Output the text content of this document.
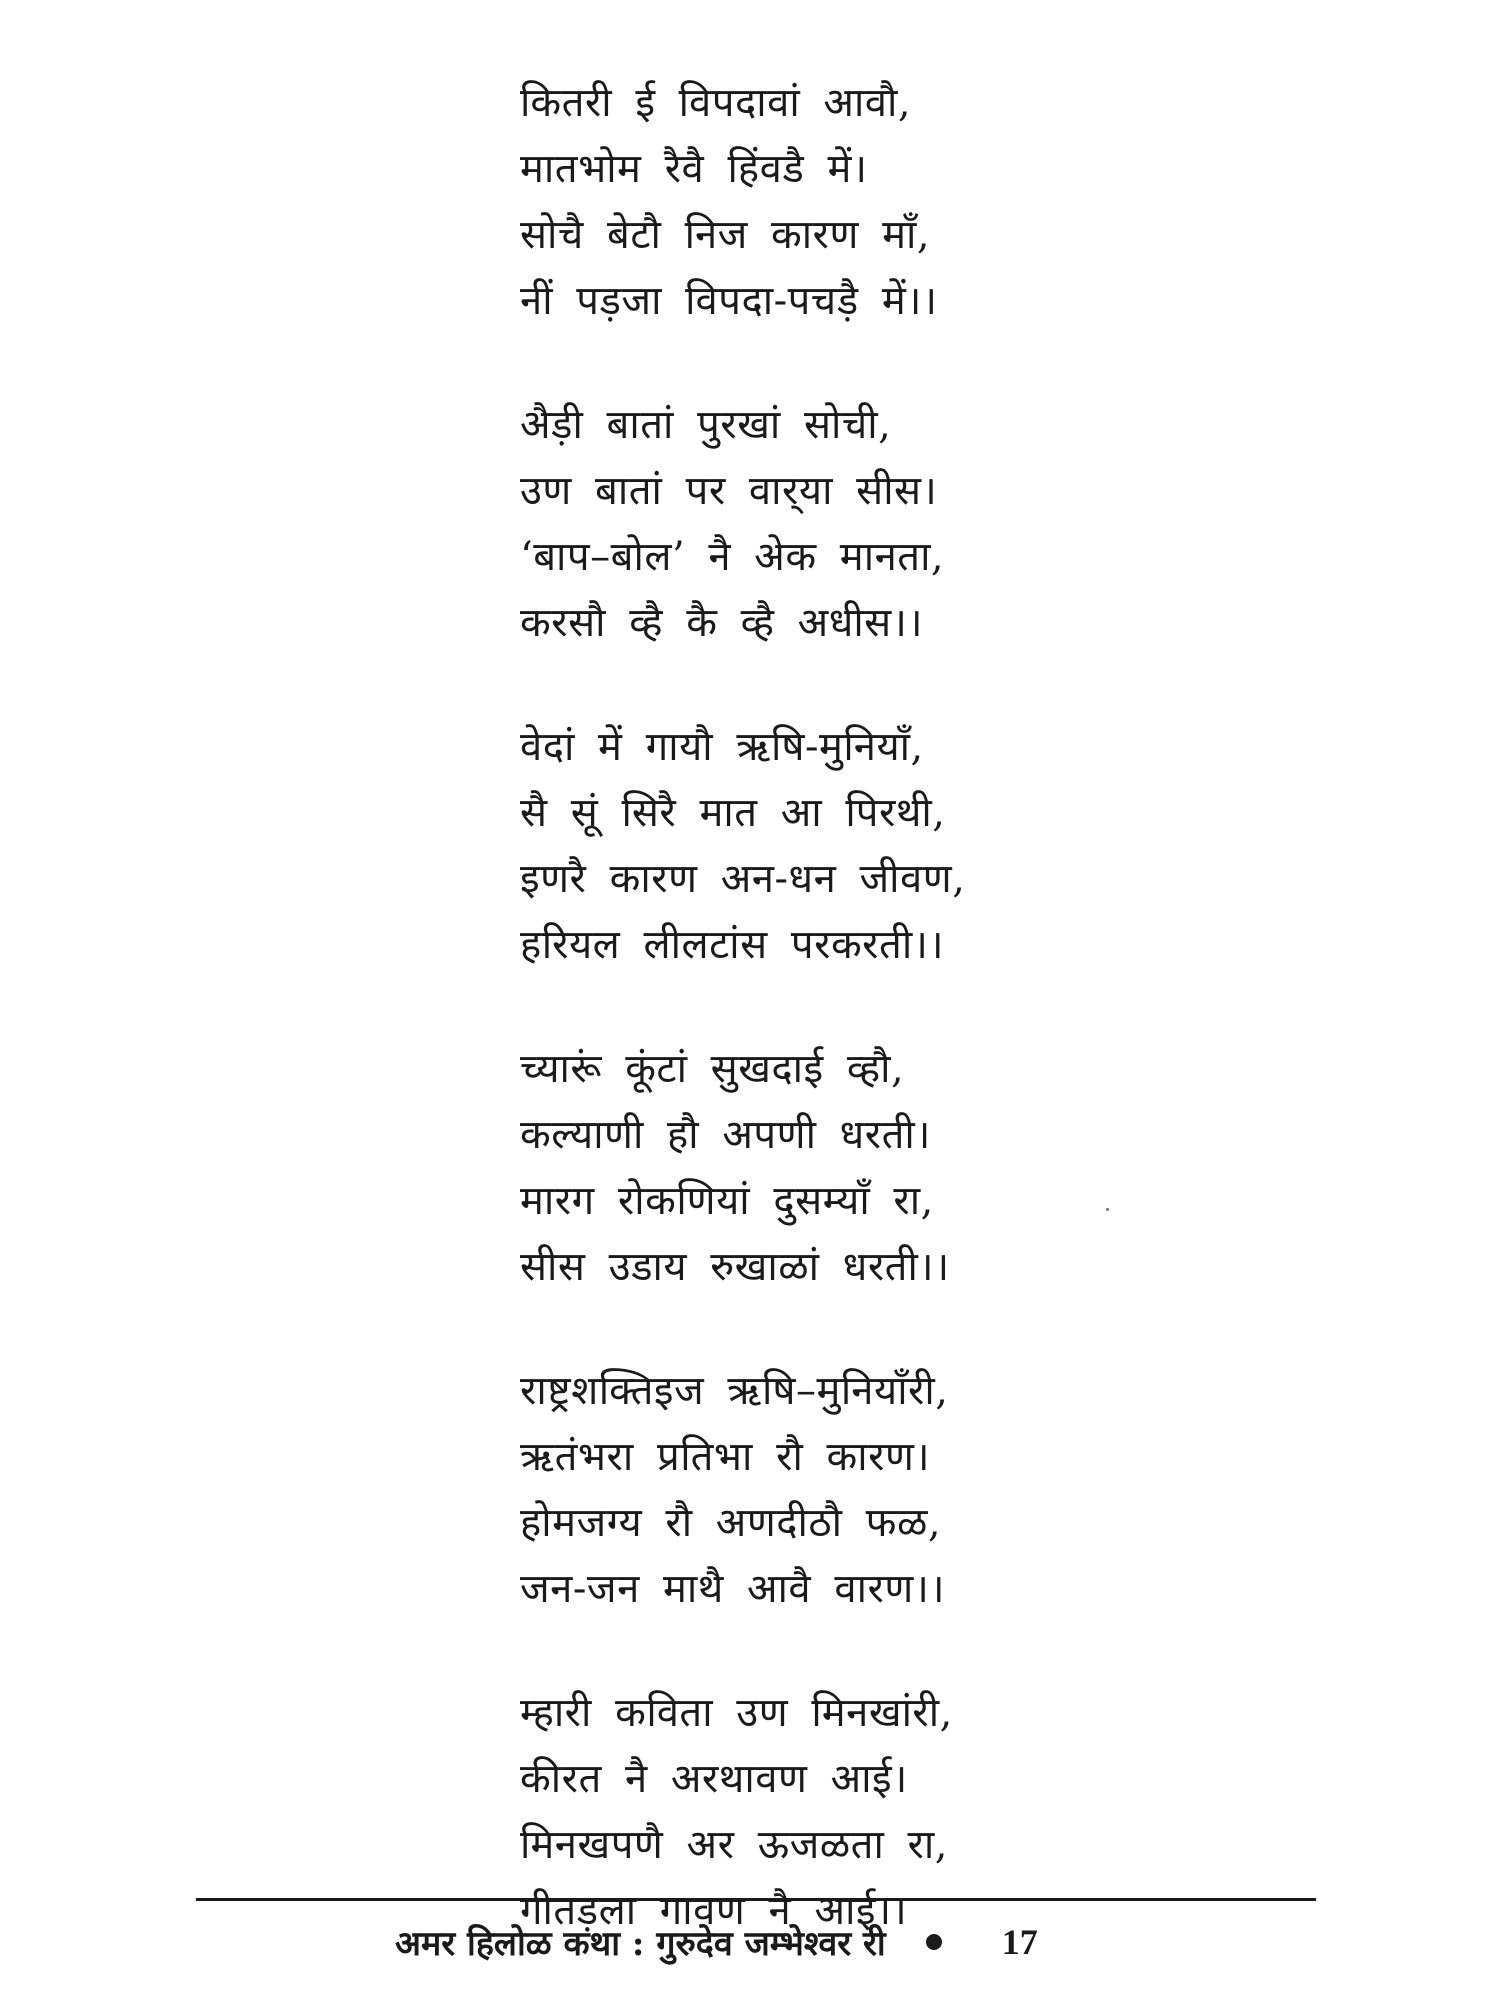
कितरी ई विपदावां आवौ,
मातभोम रैवै हिंवडै में।
सोचै बेटौ निज कारण माँ,
नीं पड़जा विपदा-पचड़ै में।।
अैड़ी बातां पुरखां सोची,
उण बातां पर वार्‌या सीस।
‘बाप–बोल’ नै अेक मानता,
करसौ व्है कै व्है अधीस।।
वेदां में गायौ ऋषि-मुनियाँ,
सै सूं सिरै मात आ पिरथी,
इणरै कारण अन-धन जीवण,
हरियल लीलटांस परकरती।।
च्यारूं कूंटां सुखदाई व्हौ,
कल्याणी हौ अपणी धरती।
मारग रोकणियां दुसम्याँ रा,
सीस उडाय रुखाळां धरती।।
राष्ट्रशक्तिइज ऋषि–मुनियाँरी,
ऋतंभरा प्रतिभा रौ कारण।
होमजग्य रौ अणदीठौ फळ,
जन-जन माथै आवै वारण।।
म्हारी कविता उण मिनखांरी,
कीरत नै अरथावण आई।
मिनखपणै अर ऊजळता रा,
गीतड़ला गावण नै आई।।
अमर हिलोळ कथा : गुरुदेव जम्भेश्वर री	17
